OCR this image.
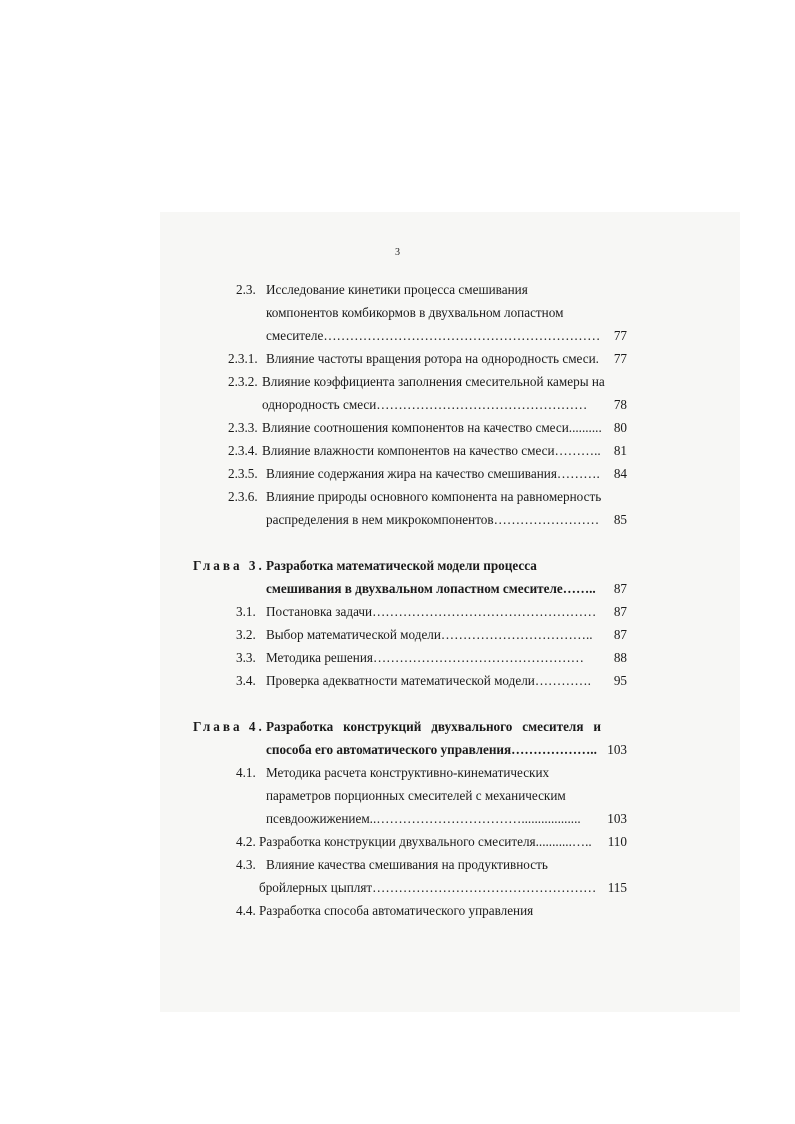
3
2.3. Исследование кинетики процесса смешивания
компонентов комбикормов в двухвальном лопастном
смесителе………………………………………………………	77
2.3.1. Влияние частоты вращения ротора на однородность смеси.	77
2.3.2. Влияние коэффициента заполнения смесительной камеры на
однородность смеси…………………………………………	78
2.3.3. Влияние соотношения компонентов на качество смеси.......... 80
2.3.4. Влияние влажности компонентов на качество смеси……….. 81
2.3.5. Влияние содержания жира на качество смешивания……….	84
2.3.6. Влияние природы основного компонента на равномерность
распределения в нем микрокомпонентов……………………	85
Глава 3. Разработка математической модели процесса
смешивания в двухвальном лопастном смесителе……..	87
3.1. Постановка задачи……………………………………………	87
3.2. Выбор математической модели……………………………..	87
3.3. Методика решения…………………………………………	88
3.4. Проверка адекватности математической модели………….	95
Глава 4. Разработка   конструкций   двухвального   смесителя   и
способа его автоматического управления……………….. 103
4.1. Методика расчета конструктивно-кинематических
параметров порционных смесителей с механическим
псевдоожижением..……………………………..................	103
4.2. Разработка конструкции двухвального смесителя...........…..	110
4.3. Влияние качества смешивания на продуктивность
бройлерных цыплят…………………………………………… 115
4.4. Разработка способа автоматического управления
